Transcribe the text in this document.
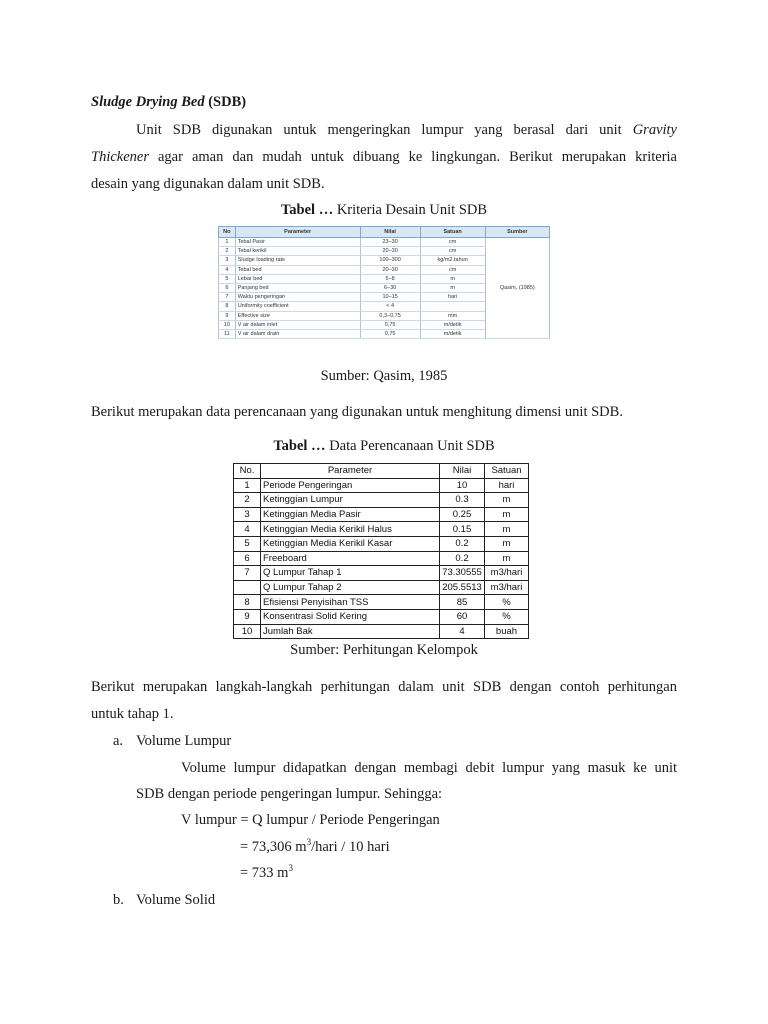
Sludge Drying Bed (SDB)
Unit SDB digunakan untuk mengeringkan lumpur yang berasal dari unit Gravity
Thickener agar aman dan mudah untuk dibuang ke lingkungan. Berikut merupakan kriteria
desain yang digunakan dalam unit SDB.
Tabel … Kriteria Desain Unit SDB
No	Parameter	Nilai	Satuan	Sumber
1	Tebal Pasir	23–30	cm	Qasim, (1985)
2	Tebal kerikil	20–30	cm	
3	Sludge loading rate	100–300	kg/m2.tahun	
4	Tebal bed	20–30	cm	
5	Lebar bed	5–8	m	
6	Panjang bed	6–30	m	
7	Waktu pengeringan	10–15	hari	
8	Uniformity coefficient	< 4		
9	Effective size	0,3–0,75	mm	
10	V air dalam inlet	0,75	m/detik	
11	V air dalam drain	0,75	m/detik	
Sumber: Qasim, 1985
Berikut merupakan data perencanaan yang digunakan untuk menghitung dimensi unit SDB.
Tabel … Data Perencanaan Unit SDB
No.	Parameter	Nilai	Satuan
1	Periode Pengeringan	10	hari
2	Ketinggian Lumpur	0.3	m
3	Ketinggian Media Pasir	0.25	m
4	Ketinggian Media Kerikil Halus	0.15	m
5	Ketinggian Media Kerikil Kasar	0.2	m
6	Freeboard	0.2	m
7	Q Lumpur Tahap 1	73.30555	m3/hari
	Q Lumpur Tahap 2	205.5513	m3/hari
8	Efisiensi Penyisihan TSS	85	%
9	Konsentrasi Solid Kering	60	%
10	Jumlah Bak	4	buah
Sumber: Perhitungan Kelompok
Berikut merupakan langkah-langkah perhitungan dalam unit SDB dengan contoh perhitungan
untuk tahap 1.
a. Volume Lumpur
Volume lumpur didapatkan dengan membagi debit lumpur yang masuk ke unit
SDB dengan periode pengeringan lumpur. Sehingga:
V lumpur = Q lumpur / Periode Pengeringan
= 73,306 $m^3$/hari / 10 hari
= 733 $m^3$
b. Volume Solid
